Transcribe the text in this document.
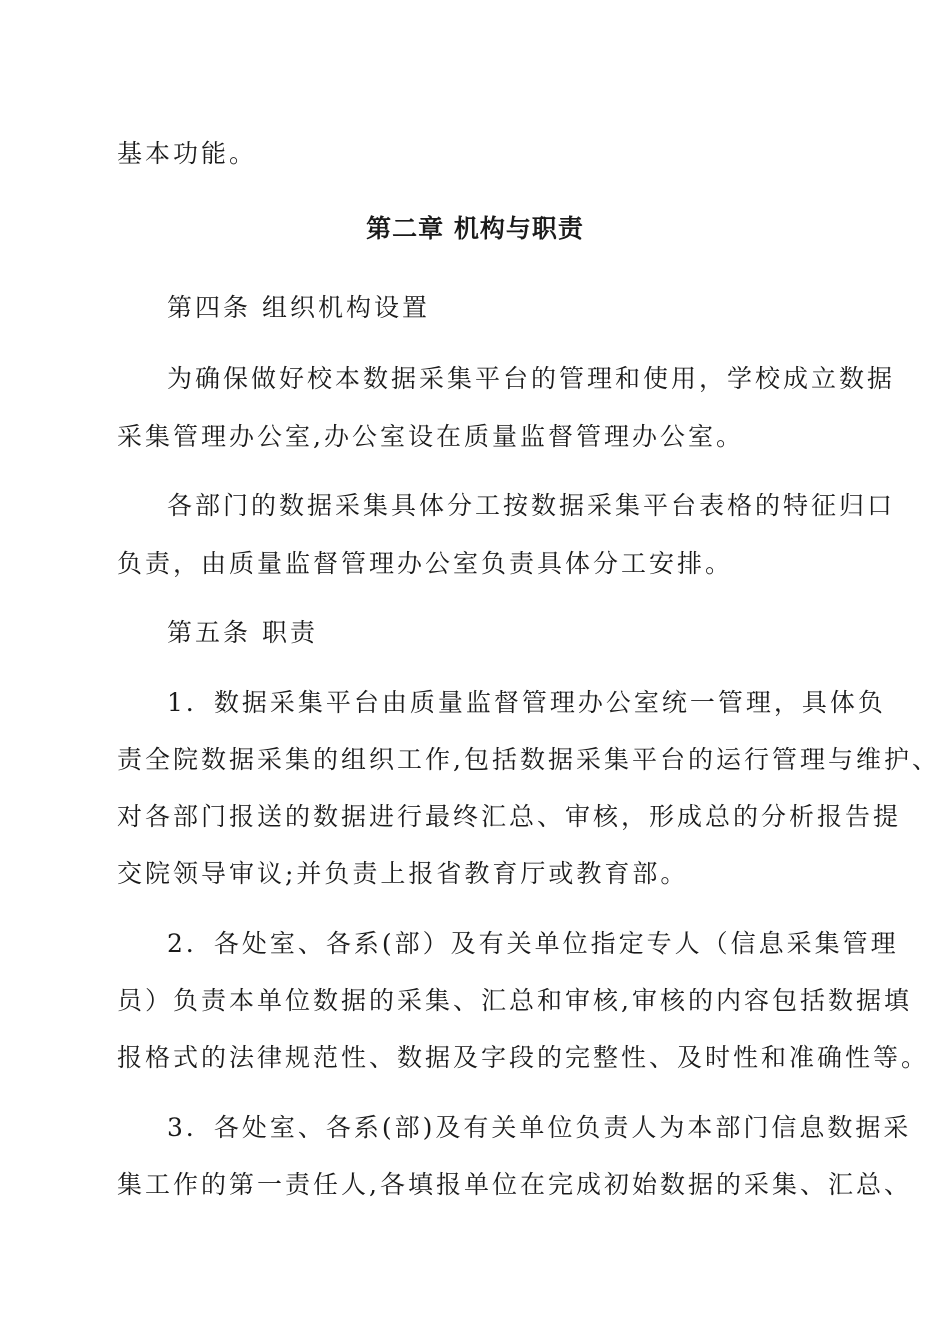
基本功能。
第二章 机构与职责
第四条 组织机构设置
为确保做好校本数据采集平台的管理和使用，学校成立数据
采集管理办公室,办公室设在质量监督管理办公室。
各部门的数据采集具体分工按数据采集平台表格的特征归口
负责，由质量监督管理办公室负责具体分工安排。
第五条 职责
1．数据采集平台由质量监督管理办公室统一管理，具体负
责全院数据采集的组织工作,包括数据采集平台的运行管理与维护、
对各部门报送的数据进行最终汇总、审核，形成总的分析报告提
交院领导审议;并负责上报省教育厅或教育部。
2．各处室、各系(部）及有关单位指定专人（信息采集管理
员）负责本单位数据的采集、汇总和审核,审核的内容包括数据填
报格式的法律规范性、数据及字段的完整性、及时性和准确性等。
3．各处室、各系(部)及有关单位负责人为本部门信息数据采
集工作的第一责任人,各填报单位在完成初始数据的采集、汇总、
